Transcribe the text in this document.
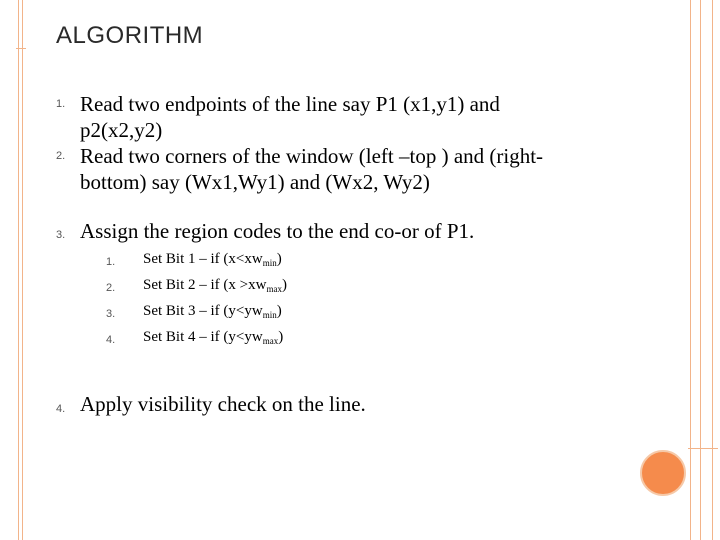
ALGORITHM
1. Read two endpoints of the line say P1 (x1,y1) and
p2(x2,y2)
2. Read two corners of the window (left –top ) and (right-
bottom) say (Wx1,Wy1) and (Wx2, Wy2)
3. Assign the region codes to the end co-or of P1.
1. Set Bit 1 – if $(x<xw_{min})$
2. Set Bit 2 – if $(x >xw_{max})$
3. Set Bit 3 – if $(y<yw_{min})$
4. Set Bit 4 – if $(y<yw_{max})$
4. Apply visibility check on the line.
